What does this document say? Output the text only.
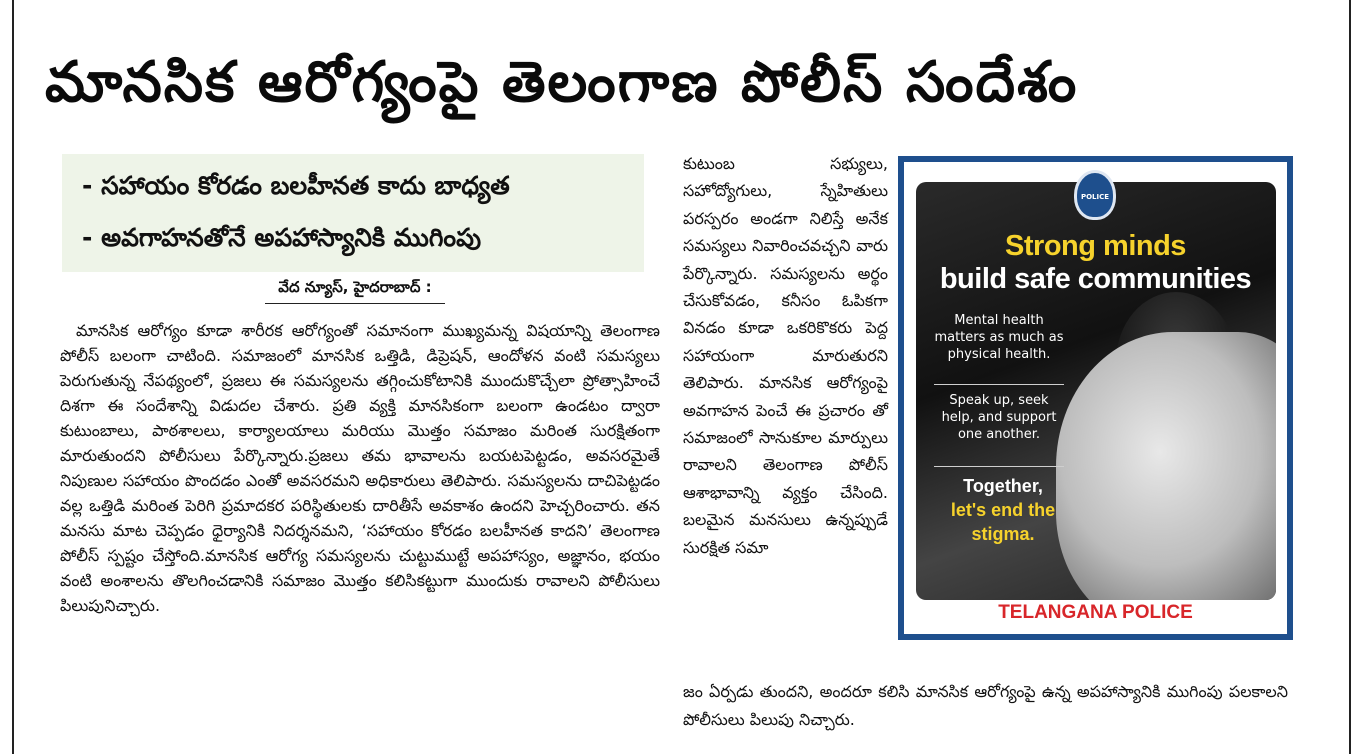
మానసిక ఆరోగ్యంపై తెలంగాణ పోలీస్ సందేశం
- సహాయం కోరడం బలహీనత కాదు బాధ్యత
- అవగాహనతోనే అపహాస్యానికి ముగింపు
వేద న్యూస్, హైదరాబాద్ :

మానసిక ఆరోగ్యం కూడా శారీరక ఆరోగ్యంతో సమానంగా ముఖ్యమన్న విషయాన్ని తెలంగాణ పోలీస్ బలంగా చాటింది. సమాజంలో మానసిక ఒత్తిడి, డిప్రెషన్, ఆందోళన వంటి సమస్యలు పెరుగుతున్న నేపథ్యంలో, ప్రజలు ఈ సమస్యలను తగ్గించుకోటానికి ముందుకొచ్చేలా ప్రోత్సాహించే దిశగా ఈ సందేశాన్ని విడుదల చేశారు. ప్రతి వ్యక్తి మానసికంగా బలంగా ఉండటం ద్వారా కుటుంబాలు, పాఠశాలలు, కార్యాలయాలు మరియు మొత్తం సమాజం మరింత సురక్షితంగా మారుతుందని పోలీసులు పేర్కొన్నారు.ప్రజలు తమ భావాలను బయటపెట్టడం, అవసరమైతే నిపుణుల సహాయం పొందడం ఎంతో అవసరమని అధికారులు తెలిపారు. సమస్యలను దాచిపెట్టడం వల్ల ఒత్తిడి మరింత పెరిగి ప్రమాదకర పరిస్థితులకు దారితీసే అవకాశం ఉందని హెచ్చరించారు. తన మనసు మాట చెప్పడం ధైర్యానికి నిదర్శనమని, ‘సహాయం కోరడం బలహీనత కాదని’ తెలంగాణ పోలీస్ స్పష్టం చేస్తోంది.మానసిక ఆరోగ్య సమస్యలను చుట్టుముట్టే అపహాస్యం, అజ్ఞానం, భయం వంటి అంశాలను తొలగించడానికి సమాజం మొత్తం కలిసికట్టుగా ముందుకు రావాలని పోలీసులు పిలుపునిచ్చారు.

కుటుంబ సభ్యులు, సహోద్యోగులు, స్నేహితులు పరస్పరం అండగా నిలిస్తే అనేక సమస్యలు నివారించవచ్చని వారు పేర్కొన్నారు. సమస్యలను అర్థం చేసుకోవడం, కనీసం ఓపికగా వినడం కూడా ఒకరికొకరు పెద్ద సహాయంగా మారుతురని తెలిపారు. మానసిక ఆరోగ్యంపై అవగాహన పెంచే ఈ ప్రచారం తో సమాజంలో సానుకూల మార్పులు రావాలని తెలంగాణ పోలీస్ ఆశాభావాన్ని వ్యక్తం చేసింది. బలమైన మనసులు ఉన్నప్పుడే సురక్షిత సమా

జం ఏర్పడు తుందని, అందరూ కలిసి మానసిక ఆరోగ్యంపై ఉన్న అపహాస్యానికి ముగింపు పలకాలని పోలీసులు పిలుపు నిచ్చారు.

POLICE
Strong minds
build safe communities
Mental health matters as much as physical health.
Speak up, seek help, and support one another.
Together,
let's end the stigma.
TELANGANA POLICE
